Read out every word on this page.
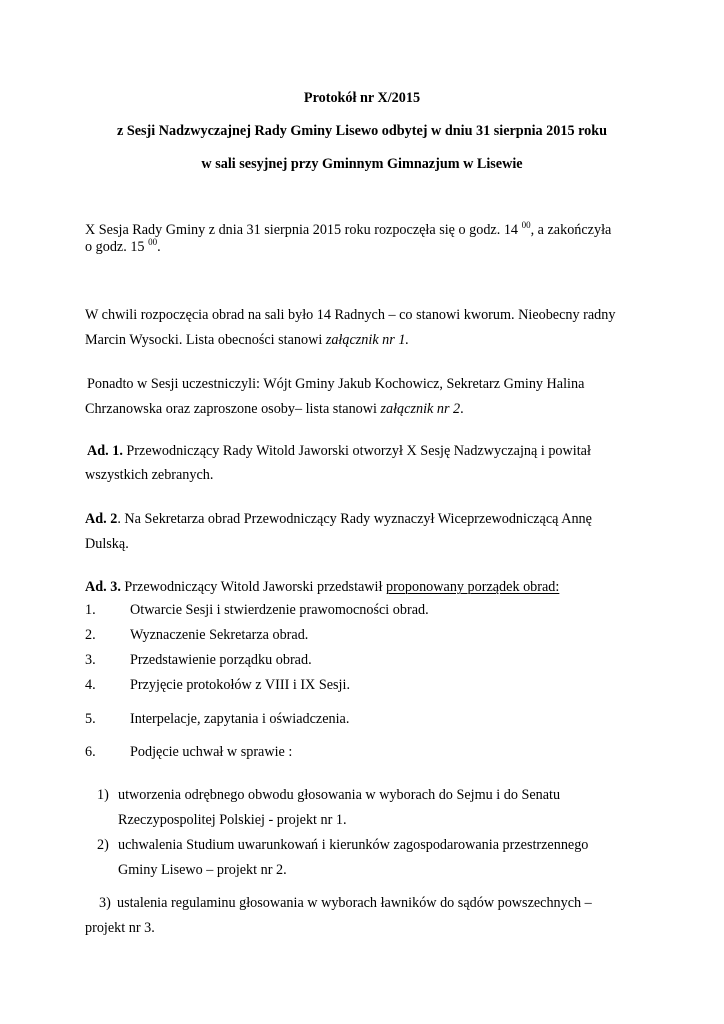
Protokół nr X/2015
z Sesji Nadzwyczajnej Rady Gminy Lisewo odbytej w dniu 31 sierpnia 2015 roku
w sali sesyjnej przy Gminnym Gimnazjum w Lisewie
X Sesja Rady Gminy z dnia 31 sierpnia 2015 roku rozpoczęła się o godz. 14 $^{00}$, a zakończyła
o godz. 15 $^{00}$.
W chwili rozpoczęcia obrad na sali było 14 Radnych – co stanowi kworum. Nieobecny radny
Marcin Wysocki. Lista obecności stanowi załącznik nr 1.
Ponadto w Sesji uczestniczyli: Wójt Gminy Jakub Kochowicz, Sekretarz Gminy Halina
Chrzanowska oraz zaproszone osoby– lista stanowi załącznik nr 2.
Ad. 1. Przewodniczący Rady Witold Jaworski otworzył X Sesję Nadzwyczajną i powitał
wszystkich zebranych.
Ad. 2. Na Sekretarza obrad Przewodniczący Rady wyznaczył Wiceprzewodniczącą Annę
Dulską.
Ad. 3. Przewodniczący Witold Jaworski przedstawił proponowany porządek obrad:
1. Otwarcie Sesji i stwierdzenie prawomocności obrad.
2. Wyznaczenie Sekretarza obrad.
3. Przedstawienie porządku obrad.
4. Przyjęcie protokołów z VIII i IX Sesji.
5. Interpelacje, zapytania i oświadczenia.
6. Podjęcie uchwał w sprawie :
1) utworzenia odrębnego obwodu głosowania w wyborach do Sejmu i do Senatu
Rzeczypospolitej Polskiej - projekt nr 1.
2) uchwalenia Studium uwarunkowań i kierunków zagospodarowania przestrzennego
Gminy Lisewo – projekt nr 2.
3) ustalenia regulaminu głosowania w wyborach ławników do sądów powszechnych –
projekt nr 3.
